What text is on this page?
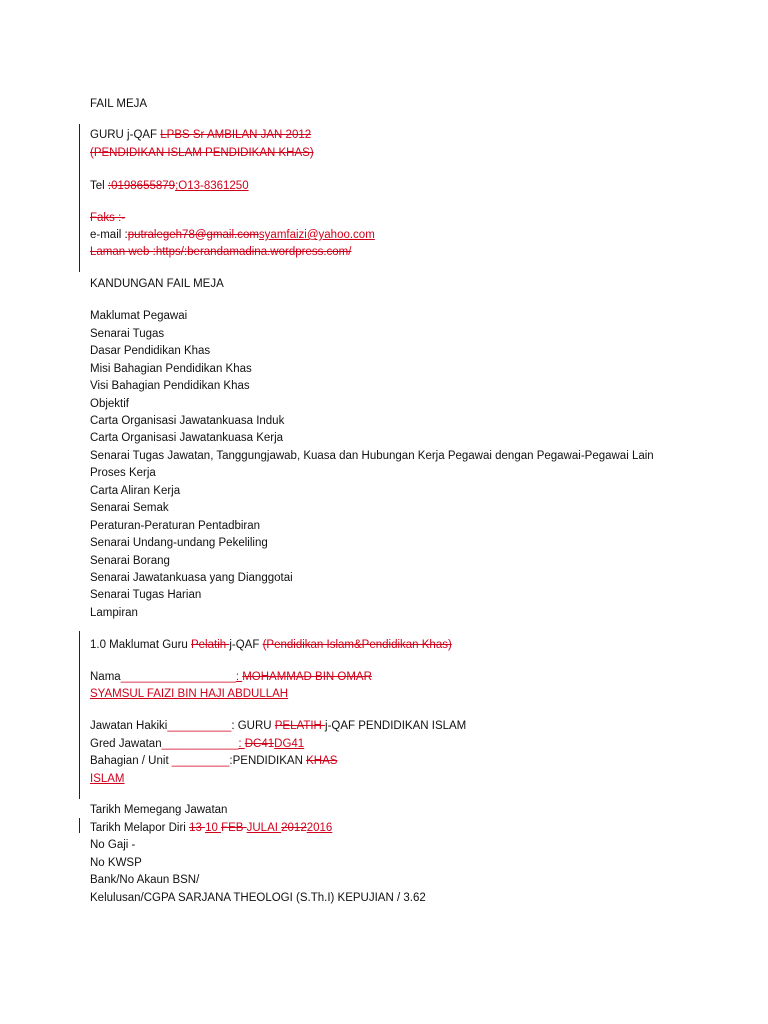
FAIL MEJA
GURU j-QAF LPBS Sr AMBILAN JAN 2012
(PENDIDIKAN ISLAM PENDIDIKAN KHAS)
Tel :0198655879;O13-8361250
Faks :-
e-mail :putralegeh78@gmail.comsyamfaizi@yahoo.com
Laman web :https/:berandamadina.wordpress.com/
KANDUNGAN FAIL MEJA
Maklumat Pegawai
Senarai Tugas
Dasar Pendidikan Khas
Misi Bahagian Pendidikan Khas
Visi Bahagian Pendidikan Khas
Objektif
Carta Organisasi Jawatankuasa Induk
Carta Organisasi Jawatankuasa Kerja
Senarai Tugas Jawatan, Tanggungjawab, Kuasa dan Hubungan Kerja Pegawai dengan Pegawai-Pegawai Lain
Proses Kerja
Carta Aliran Kerja
Senarai Semak
Peraturan-Peraturan Pentadbiran
Senarai Undang-undang Pekeliling
Senarai Borang
Senarai Jawatankuasa yang Dianggotai
Senarai Tugas Harian
Lampiran
1.0 Maklumat Guru Pelatih j-QAF (Pendidikan Islam&Pendidikan Khas)
Nama__________________: MOHAMMAD BIN OMAR
SYAMSUL FAIZI BIN HAJI ABDULLAH
Jawatan Hakiki__________: GURU PELATIH j-QAF PENDIDIKAN ISLAM
Gred Jawatan____________: DC41DG41
Bahagian / Unit _________:PENDIDIKAN KHAS
ISLAM
Tarikh Memegang Jawatan
Tarikh Melapor Diri 13 10 FEB JULAI 20122016
No Gaji -
No KWSP
Bank/No Akaun BSN/
Kelulusan/CGPA SARJANA THEOLOGI (S.Th.I) KEPUJIAN / 3.62
